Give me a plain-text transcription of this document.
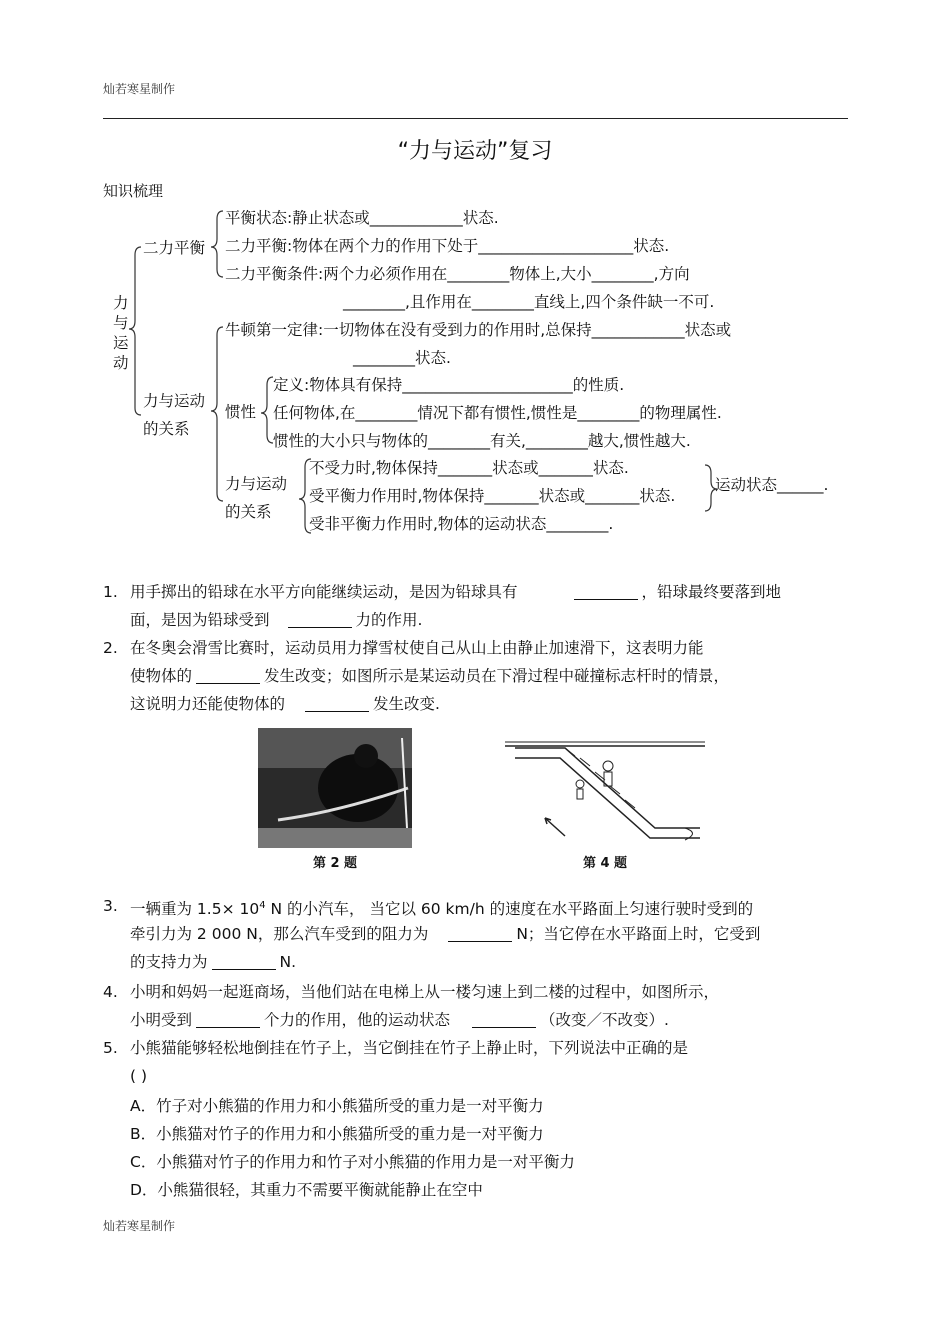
灿若寒星制作
“力与运动”复习
知识梳理
力 与 运 动
二力平衡
力与运动
的关系
平衡状态:静止状态或____________状态.
二力平衡:物体在两个力的作用下处于____________________状态.
二力平衡条件:两个力必须作用在________物体上,大小________,方向
________,且作用在________直线上,四个条件缺一不可.
牛顿第一定律:一切物体在没有受到力的作用时,总保持____________状态或
________状态.
惯性
定义:物体具有保持______________________的性质.
任何物体,在________情况下都有惯性,惯性是________的物理属性.
惯性的大小只与物体的________有关,________越大,惯性越大.
力与运动
的关系
不受力时,物体保持_______状态或_______状态.
受平衡力作用时,物体保持_______状态或_______状态.
受非平衡力作用时,物体的运动状态________.
运动状态______.
1. 用手掷出的铅球在水平方向能继续运动，是因为铅球具有	，铅球最终要落到地
面，是因为铅球受到	力的作用.
2. 在冬奥会滑雪比赛时，运动员用力撑雪杖使自己从山上由静止加速滑下，这表明力能
使物体的	发生改变；如图所示是某运动员在下滑过程中碰撞标志杆时的情景，
这说明力还能使物体的	发生改变.
第 2 题	第 4 题
3. 一辆重为 $1.5\times 10^4$ N 的小汽车， 当它以 60 km/h 的速度在水平路面上匀速行驶时受到的
牵引力为 2 000 N，那么汽车受到的阻力为	N；当它停在水平路面上时，它受到
的支持力为	N.
4. 小明和妈妈一起逛商场，当他们站在电梯上从一楼匀速上到二楼的过程中，如图所示，
小明受到	个力的作用，他的运动状态	（改变／不改变）.
5. 小熊猫能够轻松地倒挂在竹子上，当它倒挂在竹子上静止时，下列说法中正确的是
( )
A．竹子对小熊猫的作用力和小熊猫所受的重力是一对平衡力
B．小熊猫对竹子的作用力和小熊猫所受的重力是一对平衡力
C．小熊猫对竹子的作用力和竹子对小熊猫的作用力是一对平衡力
D．小熊猫很轻，其重力不需要平衡就能静止在空中
灿若寒星制作
